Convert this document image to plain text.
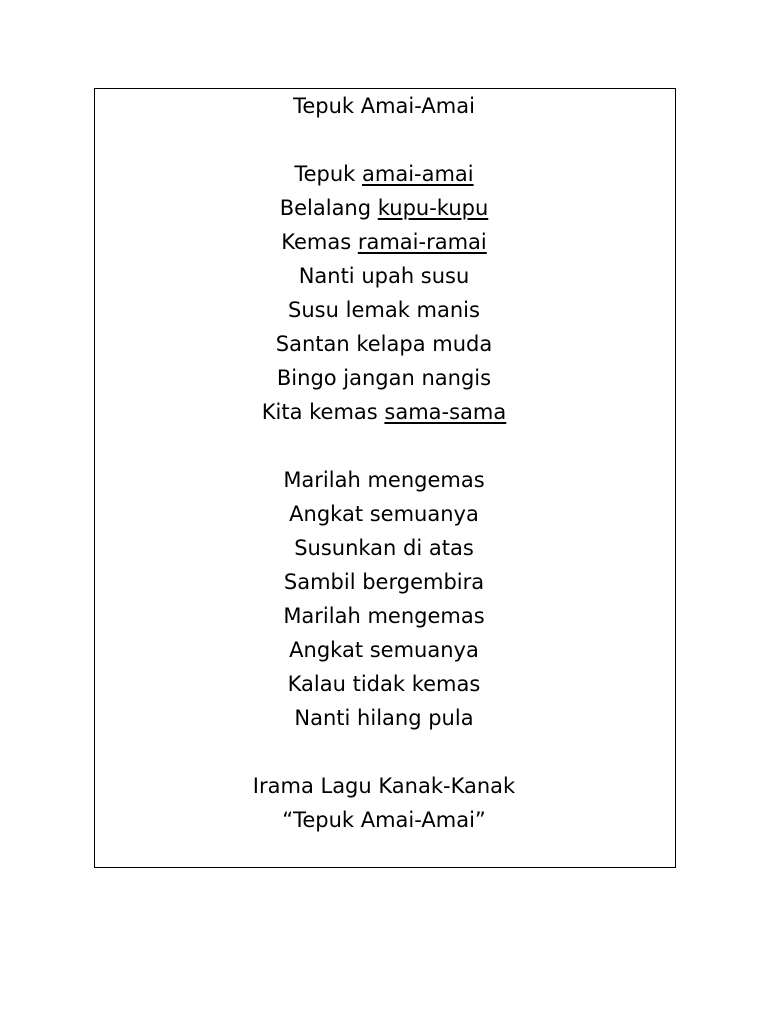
Tepuk Amai-Amai
Tepuk amai-amai
Belalang kupu-kupu
Kemas ramai-ramai
Nanti upah susu
Susu lemak manis
Santan kelapa muda
Bingo jangan nangis
Kita kemas sama-sama
Marilah mengemas
Angkat semuanya
Susunkan di atas
Sambil bergembira
Marilah mengemas
Angkat semuanya
Kalau tidak kemas
Nanti hilang pula
Irama Lagu Kanak-Kanak
“Tepuk Amai-Amai”
